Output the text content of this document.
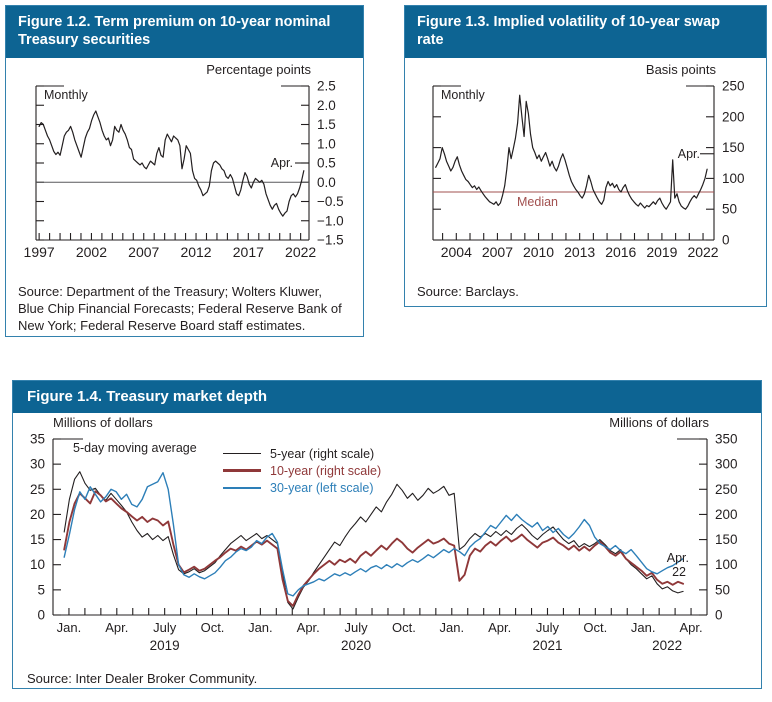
Figure 1.2. Term premium on 10-year nominal Treasury securities
−1.5
−1.0
−0.5
0.0
0.5
1.0
1.5
2.0
2.5
1997 2002 2007 2012 2017 2022
Percentage points
Monthly
Apr.
Source: Department of the Treasury; Wolters Kluwer, Blue Chip Financial Forecasts; Federal Reserve Bank of New York; Federal Reserve Board staff estimates.
Figure 1.3. Implied volatility of 10-year swap rate
0
50
100
150
200
250
2004 2007 2010 2013 2016 2019 2022
Basis points
Monthly
Median
Apr.
Source: Barclays.
Figure 1.4. Treasury market depth
0
5
10
15
20
25
30
35
0
50
100
150
200
250
300
350
Jan. Apr. July Oct. Jan. Apr. July Oct. Jan. Apr. July Oct. Jan. Apr.
2019	2020	2021	2022
Millions of dollars	Millions of dollars
5-day moving average	5-year (right scale)
10-year (right scale)
30-year (left scale)
Apr.
22
Source: Inter Dealer Broker Community.
